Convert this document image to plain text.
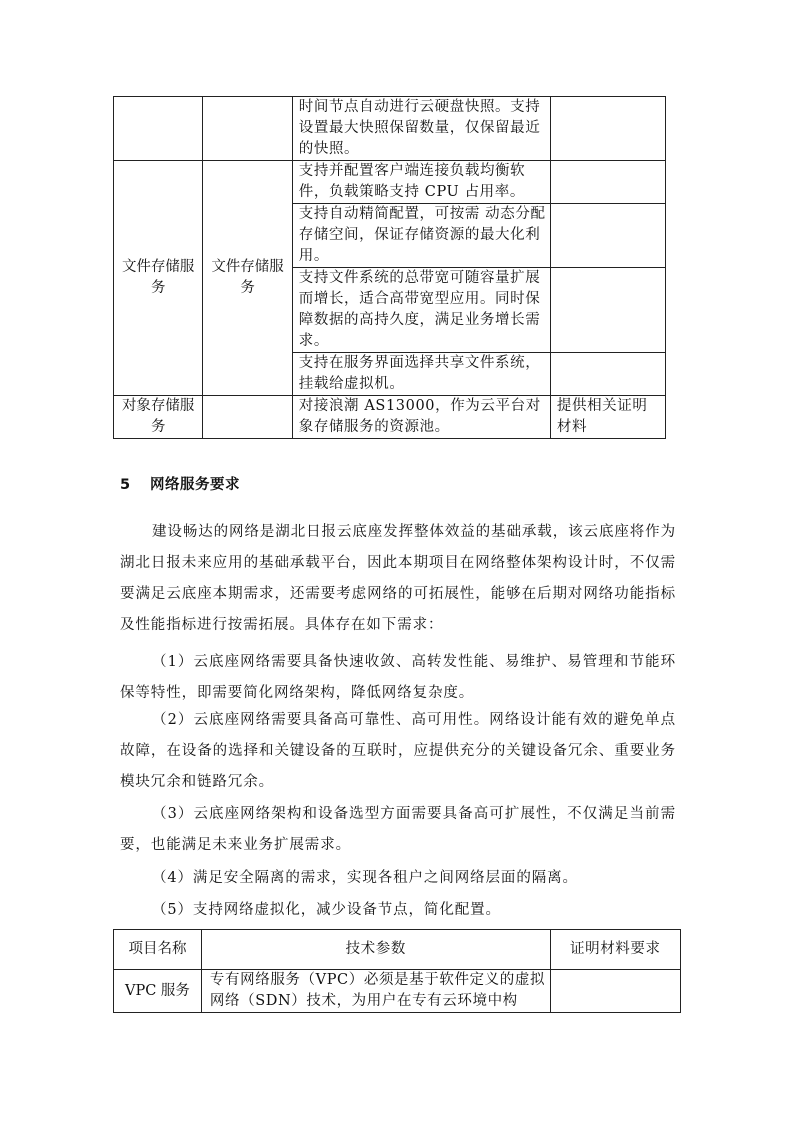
		时间节点自动进行云硬盘快照。支持设置最大快照保留数量，仅保留最近的快照。	
文件存储服务	文件存储服务	支持并配置客户端连接负载均衡软件，负载策略支持 CPU 占用率。	
		支持自动精简配置，可按需 动态分配存储空间，保证存储资源的最大化利用。	
		支持文件系统的总带宽可随容量扩展而增长，适合高带宽型应用。同时保障数据的高持久度，满足业务增长需求。	
		支持在服务界面选择共享文件系统，挂载给虚拟机。	
对象存储服务		对接浪潮 AS13000，作为云平台对象存储服务的资源池。	提供相关证明材料
5 网络服务要求

建设畅达的网络是湖北日报云底座发挥整体效益的基础承载，该云底座将作为湖北日报未来应用的基础承载平台，因此本期项目在网络整体架构设计时，不仅需要满足云底座本期需求，还需要考虑网络的可拓展性，能够在后期对网络功能指标及性能指标进行按需拓展。具体存在如下需求：

（1）云底座网络需要具备快速收敛、高转发性能、易维护、易管理和节能环保等特性，即需要简化网络架构，降低网络复杂度。

（2）云底座网络需要具备高可靠性、高可用性。网络设计能有效的避免单点故障，在设备的选择和关键设备的互联时，应提供充分的关键设备冗余、重要业务模块冗余和链路冗余。

（3）云底座网络架构和设备选型方面需要具备高可扩展性，不仅满足当前需要，也能满足未来业务扩展需求。

（4）满足安全隔离的需求，实现各租户之间网络层面的隔离。

（5）支持网络虚拟化，减少设备节点，简化配置。

项目名称	技术参数	证明材料要求
VPC 服务	专有网络服务（VPC）必须是基于软件定义的虚拟网络（SDN）技术，为用户在专有云环境中构	
